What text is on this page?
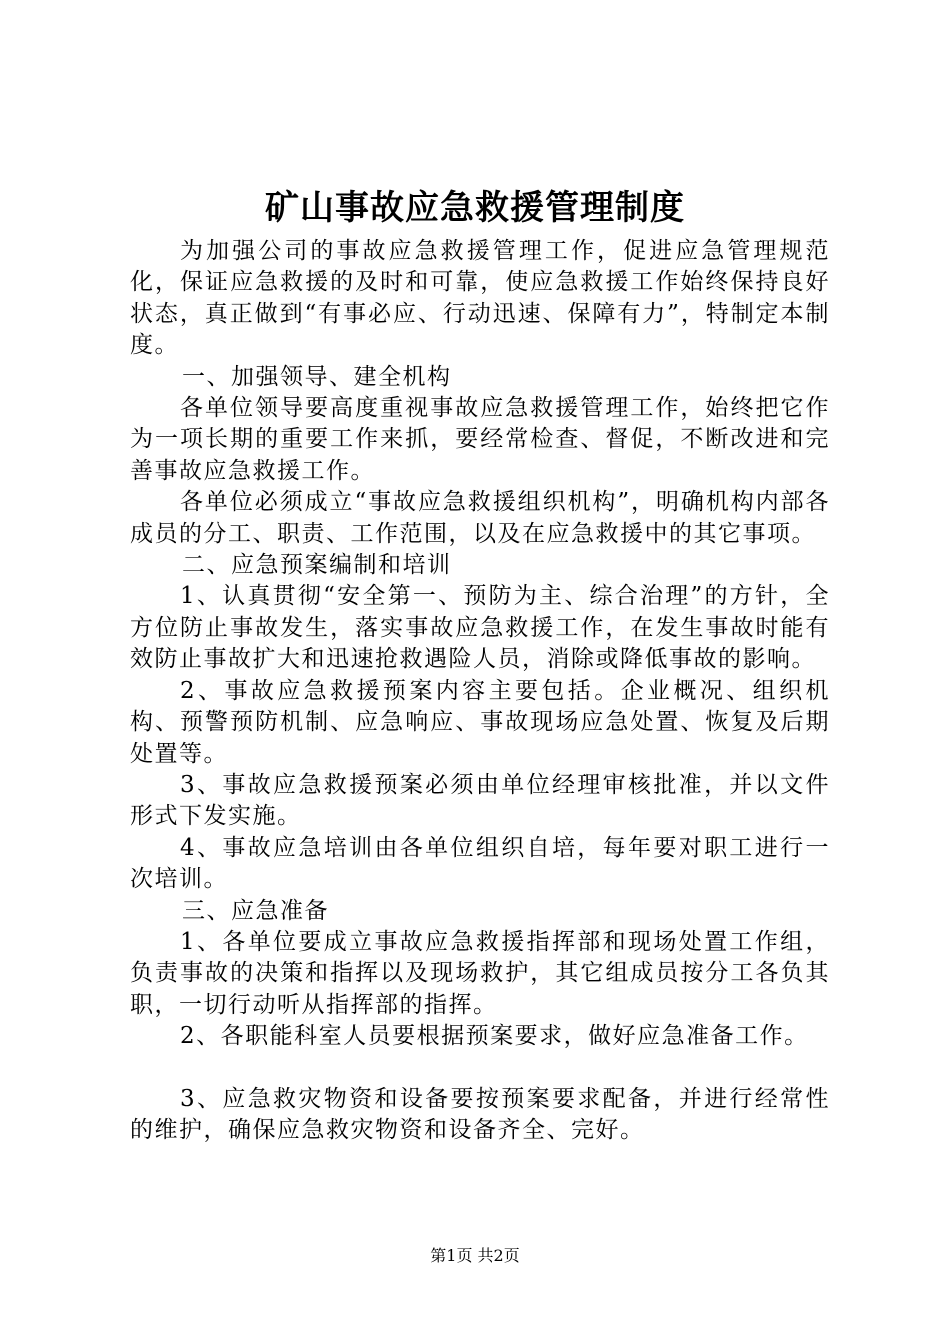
矿山事故应急救援管理制度

为加强公司的事故应急救援管理工作，促进应急管理规范化，保证应急救援的及时和可靠，使应急救援工作始终保持良好状态，真正做到“有事必应、行动迅速、保障有力”，特制定本制度。

一、加强领导、建全机构

各单位领导要高度重视事故应急救援管理工作，始终把它作为一项长期的重要工作来抓，要经常检查、督促，不断改进和完善事故应急救援工作。

各单位必须成立“事故应急救援组织机构”，明确机构内部各成员的分工、职责、工作范围，以及在应急救援中的其它事项。

二、应急预案编制和培训

1、认真贯彻“安全第一、预防为主、综合治理”的方针，全方位防止事故发生，落实事故应急救援工作，在发生事故时能有效防止事故扩大和迅速抢救遇险人员，消除或降低事故的影响。

2、事故应急救援预案内容主要包括。企业概况、组织机构、预警预防机制、应急响应、事故现场应急处置、恢复及后期处置等。

3、事故应急救援预案必须由单位经理审核批准，并以文件形式下发实施。

4、事故应急培训由各单位组织自培，每年要对职工进行一次培训。

三、应急准备

1、各单位要成立事故应急救援指挥部和现场处置工作组，负责事故的决策和指挥以及现场救护，其它组成员按分工各负其职，一切行动听从指挥部的指挥。

2、各职能科室人员要根据预案要求，做好应急准备工作。

3、应急救灾物资和设备要按预案要求配备，并进行经常性的维护，确保应急救灾物资和设备齐全、完好。

第1页 共2页
